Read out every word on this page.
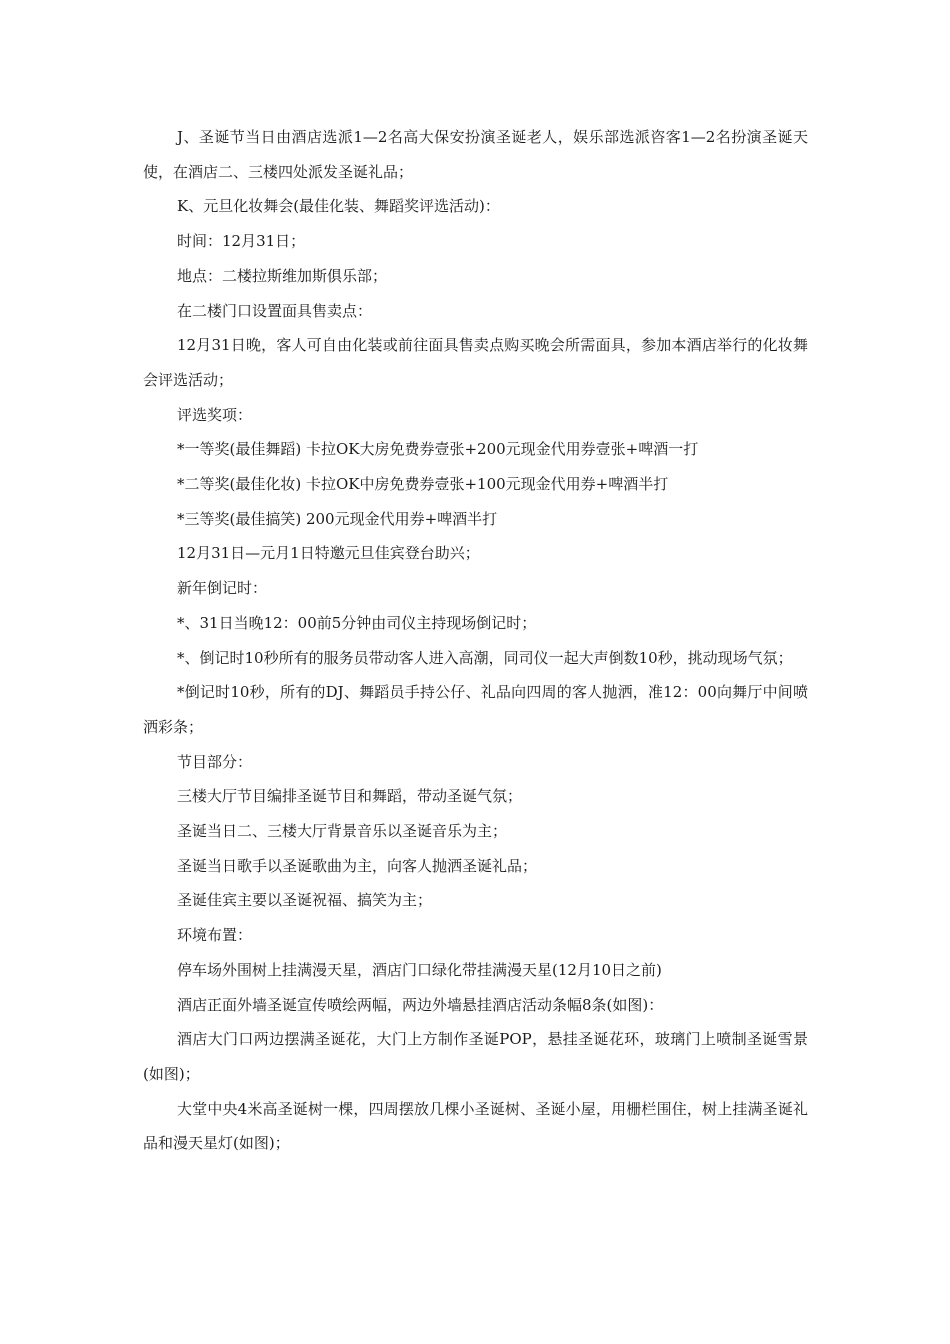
J、圣诞节当日由酒店选派1—2名高大保安扮演圣诞老人，娱乐部选派咨客1—2名扮演圣诞天使，在酒店二、三楼四处派发圣诞礼品；

K、元旦化妆舞会(最佳化装、舞蹈奖评选活动)：

时间：12月31日；

地点：二楼拉斯维加斯俱乐部；

在二楼门口设置面具售卖点：

12月31日晚，客人可自由化装或前往面具售卖点购买晚会所需面具，参加本酒店举行的化妆舞会评选活动；

评选奖项：

*一等奖(最佳舞蹈) 卡拉OK大房免费券壹张+200元现金代用券壹张+啤酒一打

*二等奖(最佳化妆) 卡拉OK中房免费券壹张+100元现金代用券+啤酒半打

*三等奖(最佳搞笑) 200元现金代用券+啤酒半打

12月31日—元月1日特邀元旦佳宾登台助兴；

新年倒记时：

*、31日当晚12：00前5分钟由司仪主持现场倒记时；

*、倒记时10秒所有的服务员带动客人进入高潮，同司仪一起大声倒数10秒，挑动现场气氛；

*倒记时10秒，所有的DJ、舞蹈员手持公仔、礼品向四周的客人抛洒，准12：00向舞厅中间喷洒彩条；

节目部分：

三楼大厅节目编排圣诞节目和舞蹈，带动圣诞气氛；

圣诞当日二、三楼大厅背景音乐以圣诞音乐为主；

圣诞当日歌手以圣诞歌曲为主，向客人抛洒圣诞礼品；

圣诞佳宾主要以圣诞祝福、搞笑为主；

环境布置：

停车场外围树上挂满漫天星，酒店门口绿化带挂满漫天星(12月10日之前)

酒店正面外墙圣诞宣传喷绘两幅，两边外墙悬挂酒店活动条幅8条(如图)：

酒店大门口两边摆满圣诞花，大门上方制作圣诞POP，悬挂圣诞花环，玻璃门上喷制圣诞雪景(如图)；

大堂中央4米高圣诞树一棵，四周摆放几棵小圣诞树、圣诞小屋，用栅栏围住，树上挂满圣诞礼品和漫天星灯(如图)；
